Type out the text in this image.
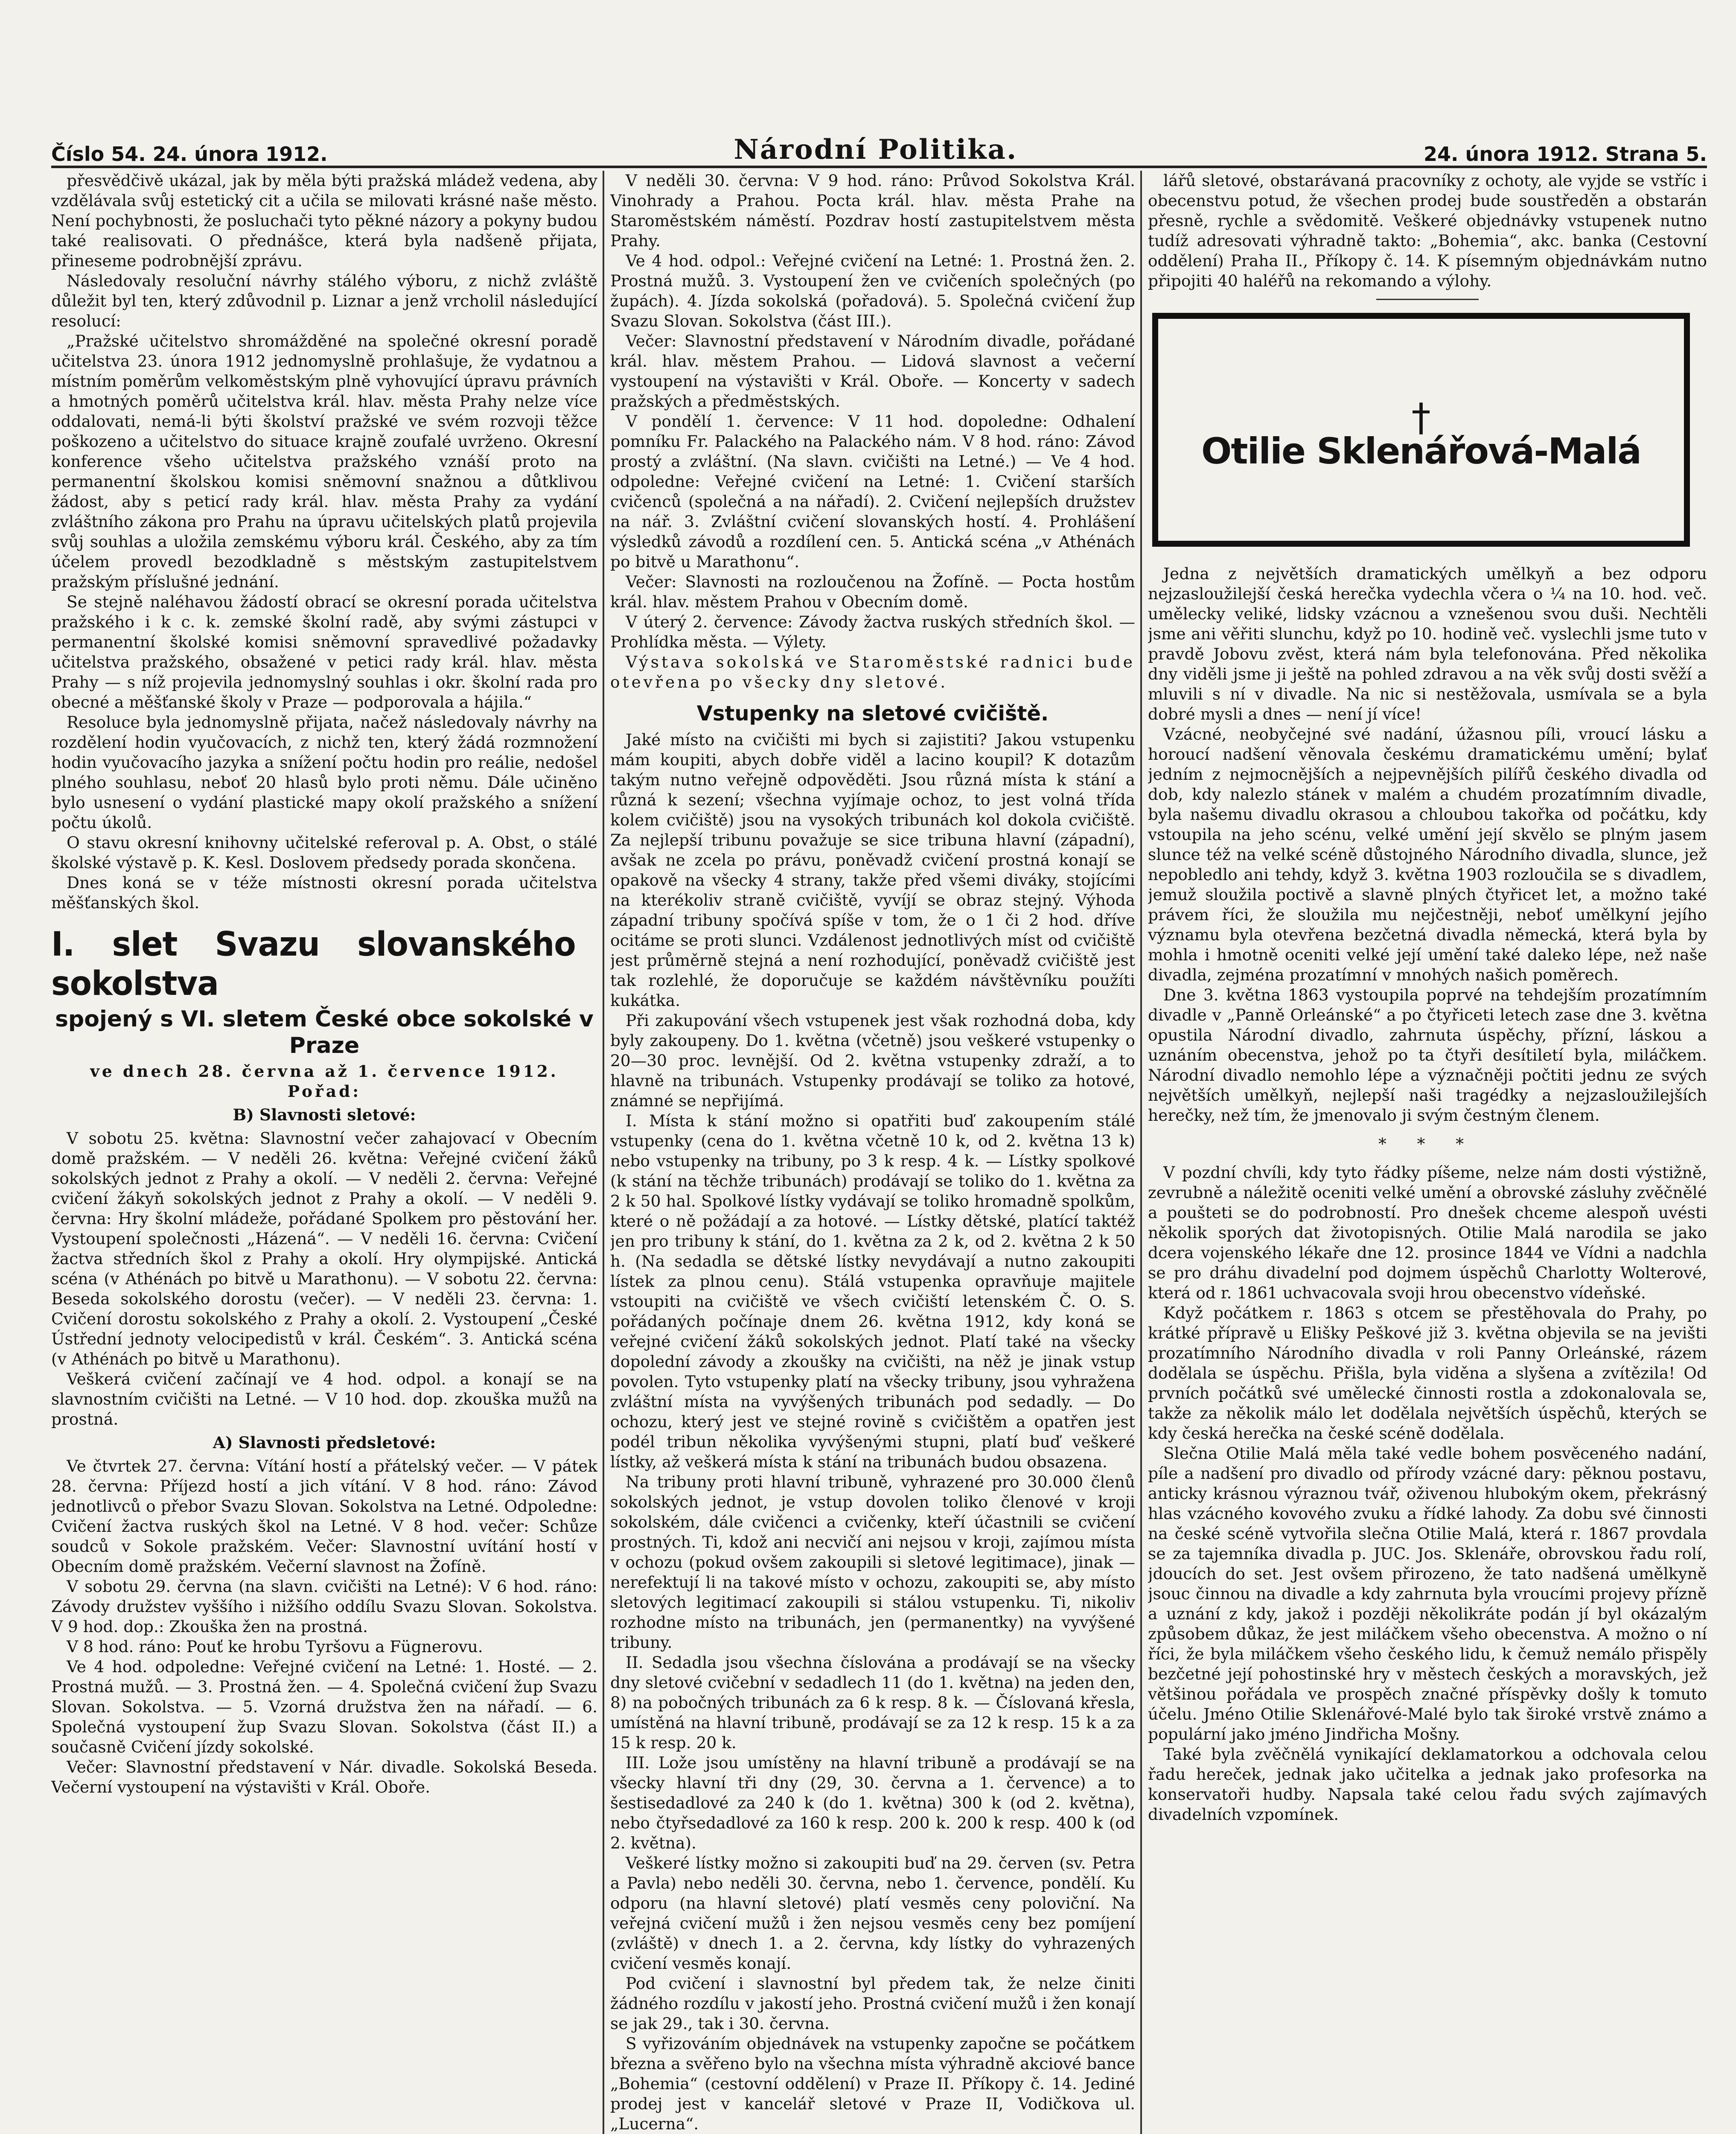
Číslo 54. 24. února 1912.	Národní Politika.	24. února 1912. Strana 5.

přesvědčivě ukázal, jak by měla býti pražská mládež vedena, aby vzdělávala svůj estetický cit a učila se milovati krásné naše město. Není pochybnosti, že posluchači tyto pěkné názory a pokyny budou také realisovati. O přednášce, která byla nadšeně přijata, přineseme podrobnější zprávu.

Následovaly resoluční návrhy stálého výboru, z nichž zvláště důležit byl ten, který zdůvodnil p. Liznar a jenž vrcholil následující resolucí:

„Pražské učitelstvo shromážděné na společné okresní poradě učitelstva 23. února 1912 jednomyslně prohlašuje, že vydatnou a místním poměrům velkoměstským plně vyhovující úpravu právních a hmotných poměrů učitelstva král. hlav. města Prahy nelze více oddalovati, nemá-li býti školství pražské ve svém rozvoji těžce poškozeno a učitelstvo do situace krajně zoufalé uvrženo. Okresní konference všeho učitelstva pražského vznáší proto na permanentní školskou komisi sněmovní snažnou a důtklivou žádost, aby s peticí rady král. hlav. města Prahy za vydání zvláštního zákona pro Prahu na úpravu učitelských platů projevila svůj souhlas a uložila zemskému výboru král. Českého, aby za tím účelem provedl bezodkladně s městským zastupitelstvem pražským příslušné jednání.

Se stejně naléhavou žádostí obrací se okresní porada učitelstva pražského i k c. k. zemské školní radě, aby svými zástupci v permanentní školské komisi sněmovní spravedlivé požadavky učitelstva pražského, obsažené v petici rady král. hlav. města Prahy — s níž projevila jednomyslný souhlas i okr. školní rada pro obecné a měšťanské školy v Praze — podporovala a hájila.“

Resoluce byla jednomyslně přijata, načež následovaly návrhy na rozdělení hodin vyučovacích, z nichž ten, který žádá rozmnožení hodin vyučovacího jazyka a snížení počtu hodin pro reálie, nedošel plného souhlasu, neboť 20 hlasů bylo proti němu. Dále učiněno bylo usnesení o vydání plastické mapy okolí pražského a snížení počtu úkolů.

O stavu okresní knihovny učitelské referoval p. A. Obst, o stálé školské výstavě p. K. Kesl. Doslovem předsedy porada skončena.

Dnes koná se v téže místnosti okresní porada učitelstva měšťanských škol.

I. slet Svazu slovanského sokolstva
spojený s VI. sletem České obce sokolské v Praze

ve dnech 28. června až 1. července 1912.

Pořad:

B) Slavnosti sletové:

V sobotu 25. května: Slavnostní večer zahajovací v Obecním domě pražském. — V neděli 26. května: Veřejné cvičení žáků sokolských jednot z Prahy a okolí. — V neděli 2. června: Veřejné cvičení žákyň sokolských jednot z Prahy a okolí. — V neděli 9. června: Hry školní mládeže, pořádané Spolkem pro pěstování her. Vystoupení společnosti „Házená“. — V neděli 16. června: Cvičení žactva středních škol z Prahy a okolí. Hry olympijské. Antická scéna (v Athénách po bitvě u Marathonu). — V sobotu 22. června: Beseda sokolského dorostu (večer). — V neděli 23. června: 1. Cvičení dorostu sokolského z Prahy a okolí. 2. Vystoupení „České Ústřední jednoty velocipedistů v král. Českém“. 3. Antická scéna (v Athénách po bitvě u Marathonu).

Veškerá cvičení začínají ve 4 hod. odpol. a konají se na slavnostním cvičišti na Letné. — V 10 hod. dop. zkouška mužů na prostná.

A) Slavnosti předsletové:

Ve čtvrtek 27. června: Vítání hostí a přátelský večer. — V pátek 28. června: Příjezd hostí a jich vítání. V 8 hod. ráno: Závod jednotlivců o přebor Svazu Slovan. Sokolstva na Letné. Odpoledne: Cvičení žactva ruských škol na Letné. V 8 hod. večer: Schůze soudců v Sokole pražském. Večer: Slavnostní uvítání hostí v Obecním domě pražském. Večerní slavnost na Žofíně.

V sobotu 29. června (na slavn. cvičišti na Letné): V 6 hod. ráno: Závody družstev vyššího i nižšího oddílu Svazu Slovan. Sokolstva. V 9 hod. dop.: Zkouška žen na prostná.

V 8 hod. ráno: Pouť ke hrobu Tyršovu a Fügnerovu.

Ve 4 hod. odpoledne: Veřejné cvičení na Letné: 1. Hosté. — 2. Prostná mužů. — 3. Prostná žen. — 4. Společná cvičení žup Svazu Slovan. Sokolstva. — 5. Vzorná družstva žen na nářadí. — 6. Společná vystoupení žup Svazu Slovan. Sokolstva (část II.) a současně Cvičení jízdy sokolské.

Večer: Slavnostní představení v Nár. divadle. Sokolská Beseda. Večerní vystoupení na výstavišti v Král. Oboře.

V neděli 30. června: V 9 hod. ráno: Průvod Sokolstva Král. Vinohrady a Prahou. Pocta král. hlav. města Prahe na Staroměstském náměstí. Pozdrav hostí zastupitelstvem města Prahy.

Ve 4 hod. odpol.: Veřejné cvičení na Letné: 1. Prostná žen. 2. Prostná mužů. 3. Vystoupení žen ve cvičeních společných (po župách). 4. Jízda sokolská (pořadová). 5. Společná cvičení žup Svazu Slovan. Sokolstva (část III.).

Večer: Slavnostní představení v Národním divadle, pořádané král. hlav. městem Prahou. — Lidová slavnost a večerní vystoupení na výstavišti v Král. Oboře. — Koncerty v sadech pražských a předměstských.

V pondělí 1. července: V 11 hod. dopoledne: Odhalení pomníku Fr. Palackého na Palackého nám. V 8 hod. ráno: Závod prostý a zvláštní. (Na slavn. cvičišti na Letné.) — Ve 4 hod. odpoledne: Veřejné cvičení na Letné: 1. Cvičení starších cvičenců (společná a na nářadí). 2. Cvičení nejlepších družstev na nář. 3. Zvláštní cvičení slovanských hostí. 4. Prohlášení výsledků závodů a rozdílení cen. 5. Antická scéna „v Athénách po bitvě u Marathonu“.

Večer: Slavnosti na rozloučenou na Žofíně. — Pocta hostům král. hlav. městem Prahou v Obecním domě.

V úterý 2. července: Závody žactva ruských středních škol. — Prohlídka města. — Výlety.

Výstava sokolská ve Staroměstské radnici bude otevřena po všecky dny sletové.

Vstupenky na sletové cvičiště.

Jaké místo na cvičišti mi bych si zajistiti? Jakou vstupenku mám koupiti, abych dobře viděl a lacino koupil? K dotazům takým nutno veřejně odpověděti. Jsou různá místa k stání a různá k sezení; všechna vyjímaje ochoz, to jest volná třída kolem cvičiště) jsou na vysokých tribunách kol dokola cvičiště. Za nejlepší tribunu považuje se sice tribuna hlavní (západní), avšak ne zcela po právu, poněvadž cvičení prostná konají se opakově na všecky 4 strany, takže před všemi diváky, stojícími na kterékoliv straně cvičiště, vyvíjí se obraz stejný. Výhoda západní tribuny spočívá spíše v tom, že o 1 či 2 hod. dříve ocitáme se proti slunci. Vzdálenost jednotlivých míst od cvičiště jest průměrně stejná a není rozhodující, poněvadž cvičiště jest tak rozlehlé, že doporučuje se každém návštěvníku použíti kukátka.

Při zakupování všech vstupenek jest však rozhodná doba, kdy byly zakoupeny. Do 1. května (včetně) jsou veškeré vstupenky o 20—30 proc. levnější. Od 2. května vstupenky zdraží, a to hlavně na tribunách. Vstupenky prodávají se toliko za hotové, známné se nepřijímá.

I. Místa k stání možno si opatřiti buď zakoupením stálé vstupenky (cena do 1. května včetně 10 k, od 2. května 13 k) nebo vstupenky na tribuny, po 3 k resp. 4 k. — Lístky spolkové (k stání na těchže tribunách) prodávají se toliko do 1. května za 2 k 50 hal. Spolkové lístky vydávají se toliko hromadně spolkům, které o ně požádají a za hotové. — Lístky dětské, platící taktéž jen pro tribuny k stání, do 1. května za 2 k, od 2. května 2 k 50 h. (Na sedadla se dětské lístky nevydávají a nutno zakoupiti lístek za plnou cenu). Stálá vstupenka opravňuje majitele vstoupiti na cvičiště ve všech cvičiští letenském Č. O. S. pořádaných počínaje dnem 26. května 1912, kdy koná se veřejné cvičení žáků sokolských jednot. Platí také na všecky dopolední závody a zkoušky na cvičišti, na něž je jinak vstup povolen. Tyto vstupenky platí na všecky tribuny, jsou vyhražena zvláštní místa na vyvýšených tribunách pod sedadly. — Do ochozu, který jest ve stejné rovině s cvičištěm a opatřen jest podél tribun několika vyvýšenými stupni, platí buď veškeré lístky, až veškerá místa k stání na tribunách budou obsazena.

Na tribuny proti hlavní tribuně, vyhrazené pro 30.000 členů sokolských jednot, je vstup dovolen toliko členové v kroji sokolském, dále cvičenci a cvičenky, kteří účastnili se cvičení prostných. Ti, kdož ani necvičí ani nejsou v kroji, zajímou místa v ochozu (pokud ovšem zakoupili si sletové legitimace), jinak — nerefektují li na takové místo v ochozu, zakoupiti se, aby místo sletových legitimací zakoupili si stálou vstupenku. Ti, nikoliv rozhodne místo na tribunách, jen (permanentky) na vyvýšené tribuny.

II. Sedadla jsou všechna číslována a prodávají se na všecky dny sletové cvičební v sedadlech 11 (do 1. května) na jeden den, 8) na pobočných tribunách za 6 k resp. 8 k. — Číslovaná křesla, umístěná na hlavní tribuně, prodávají se za 12 k resp. 15 k a za 15 k resp. 20 k.

III. Lože jsou umístěny na hlavní tribuně a prodávají se na všecky hlavní tři dny (29, 30. června a 1. července) a to šestisedadlové za 240 k (do 1. května) 300 k (od 2. května), nebo čtyřsedadlové za 160 k resp. 200 k. 200 k resp. 400 k (od 2. května).

Veškeré lístky možno si zakoupiti buď na 29. červen (sv. Petra a Pavla) nebo neděli 30. června, nebo 1. července, pondělí. Ku odporu (na hlavní sletové) platí vesměs ceny poloviční. Na veřejná cvičení mužů i žen nejsou vesměs ceny bez pomíjení (zvláště) v dnech 1. a 2. června, kdy lístky do vyhrazených cvičení vesměs konají.

Pod cvičení i slavnostní byl předem tak, že nelze činiti žádného rozdílu v jakostí jeho. Prostná cvičení mužů i žen konají se jak 29., tak i 30. června.

S vyřizováním objednávek na vstupenky započne se počátkem března a svěřeno bylo na všechna místa výhradně akciové bance „Bohemia“ (cestovní oddělení) v Praze II. Příkopy č. 14. Jediné prodej jest v kancelář sletové v Praze II, Vodičkova ul. „Lucerna“.

lářů sletové, obstarávaná pracovníky z ochoty, ale vyjde se vstříc i obecenstvu potud, že všechen prodej bude soustředěn a obstarán přesně, rychle a svědomitě. Veškeré objednávky vstupenek nutno tudíž adresovati výhradně takto: „Bohemia“, akc. banka (Cestovní oddělení) Praha II., Příkopy č. 14. K písemným objednávkám nutno připojiti 40 haléřů na rekomando a výlohy.

†
Otilie Sklenářová-Malá

Jedna z největších dramatických umělkyň a bez odporu nejzasloužilejší česká herečka vydechla včera o ¼ na 10. hod. več. umělecky veliké, lidsky vzácnou a vznešenou svou duši. Nechtěli jsme ani věřiti slunchu, když po 10. hodině več. vyslechli jsme tuto v pravdě Jobovu zvěst, která nám byla telefonována. Před několika dny viděli jsme ji ještě na pohled zdravou a na věk svůj dosti svěží a mluvili s ní v divadle. Na nic si nestěžovala, usmívala se a byla dobré mysli a dnes — není jí více!

Vzácné, neobyčejné své nadání, úžasnou píli, vroucí lásku a horoucí nadšení věnovala českému dramatickému umění; bylať jedním z nejmocnějších a nejpevnějších pilířů českého divadla od dob, kdy nalezlo stánek v malém a chudém prozatímním divadle, byla našemu divadlu okrasou a chloubou takořka od počátku, kdy vstoupila na jeho scénu, velké umění její skvělo se plným jasem slunce též na velké scéně důstojného Národního divadla, slunce, jež nepobledlo ani tehdy, když 3. května 1903 rozloučila se s divadlem, jemuž sloužila poctivě a slavně plných čtyřicet let, a možno také právem říci, že sloužila mu nejčestněji, neboť umělkyní jejího významu byla otevřena bezčetná divadla německá, která byla by mohla i hmotně oceniti velké její umění také daleko lépe, než naše divadla, zejména prozatímní v mnohých našich poměrech.

Dne 3. května 1863 vystoupila poprvé na tehdejším prozatímním divadle v „Panně Orleánské“ a po čtyřiceti letech zase dne 3. května opustila Národní divadlo, zahrnuta úspěchy, přízní, láskou a uznáním obecenstva, jehož po ta čtyři desítiletí byla, miláčkem. Národní divadlo nemohlo lépe a význačněji počtiti jednu ze svých největších umělkyň, nejlepší naši tragédky a nejzasloužilejších herečky, než tím, že jmenovalo ji svým čestným členem.

* * *

V pozdní chvíli, kdy tyto řádky píšeme, nelze nám dosti výstižně, zevrubně a náležitě oceniti velké umění a obrovské zásluhy zvěčnělé a poušteti se do podrobností. Pro dnešek chceme alespoň uvésti několik sporých dat životopisných. Otilie Malá narodila se jako dcera vojenského lékaře dne 12. prosince 1844 ve Vídni a nadchla se pro dráhu divadelní pod dojmem úspěchů Charlotty Wolterové, která od r. 1861 uchvacovala svoji hrou obecenstvo vídeňské.

Když počátkem r. 1863 s otcem se přestěhovala do Prahy, po krátké přípravě u Elišky Peškové již 3. května objevila se na jevišti prozatímního Národního divadla v roli Panny Orleánské, rázem dodělala se úspěchu. Přišla, byla viděna a slyšena a zvítězila! Od prvních počátků své umělecké činnosti rostla a zdokonalovala se, takže za několik málo let dodělala největších úspěchů, kterých se kdy česká herečka na české scéně dodělala.

Slečna Otilie Malá měla také vedle bohem posvěceného nadání, píle a nadšení pro divadlo od přírody vzácné dary: pěknou postavu, anticky krásnou výraznou tvář, oživenou hlubokým okem, překrásný hlas vzácného kovového zvuku a řídké lahody. Za dobu své činnosti na české scéně vytvořila slečna Otilie Malá, která r. 1867 provdala se za tajemníka divadla p. JUC. Jos. Sklenáře, obrovskou řadu rolí, jdoucích do set. Jest ovšem přirozeno, že tato nadšená umělkyně jsouc činnou na divadle a kdy zahrnuta byla vroucími projevy přízně a uznání z kdy, jakož i později několikráte podán jí byl okázalým způsobem důkaz, že jest miláčkem všeho obecenstva. A možno o ní říci, že byla miláčkem všeho českého lidu, k čemuž nemálo přispěly bezčetné její pohostinské hry v městech českých a moravských, jež většinou pořádala ve prospěch značné příspěvky došly k tomuto účelu. Jméno Otilie Sklenářové-Malé bylo tak široké vrstvě známo a populární jako jméno Jindřicha Mošny.

Také byla zvěčnělá vynikající deklamatorkou a odchovala celou řadu hereček, jednak jako učitelka a jednak jako profesorka na konservatoři hudby. Napsala také celou řadu svých zajímavých divadelních vzpomínek.
